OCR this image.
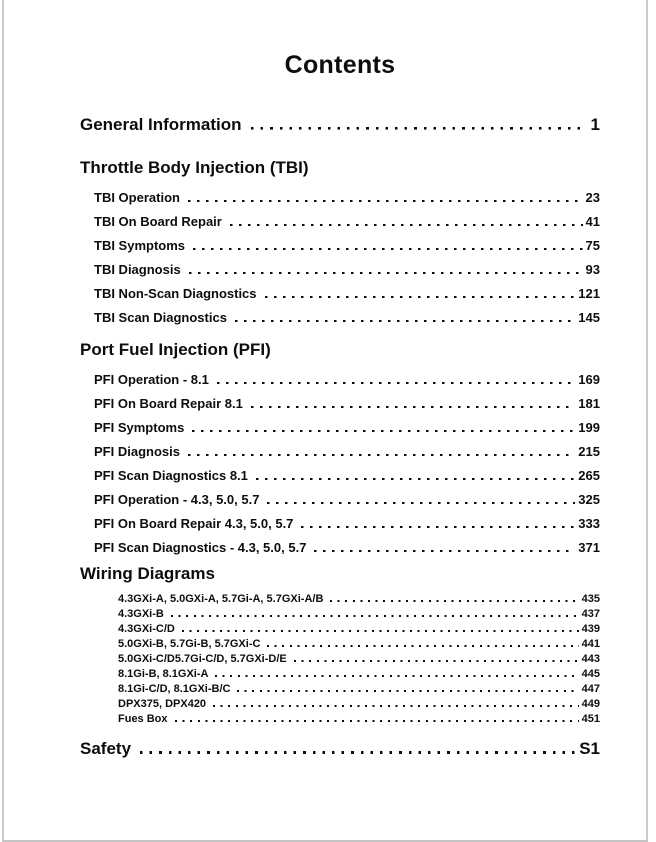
Contents
General Information	1
Throttle Body Injection (TBI)
TBI Operation	23
TBI On Board Repair	41
TBI Symptoms	75
TBI Diagnosis	93
TBI Non-Scan Diagnostics	121
TBI Scan Diagnostics	145
Port Fuel Injection (PFI)
PFI Operation - 8.1	169
PFI On Board Repair 8.1	181
PFI Symptoms	199
PFI Diagnosis	215
PFI Scan Diagnostics 8.1	265
PFI Operation - 4.3, 5.0, 5.7	325
PFI On Board Repair 4.3, 5.0, 5.7	333
PFI Scan Diagnostics - 4.3, 5.0, 5.7	371
Wiring Diagrams
4.3GXi-A, 5.0GXi-A, 5.7Gi-A, 5.7GXi-A/B	435
4.3GXi-B	437
4.3GXi-C/D	439
5.0GXi-B, 5.7Gi-B, 5.7GXi-C	441
5.0GXi-C/D5.7Gi-C/D, 5.7GXi-D/E	443
8.1Gi-B, 8.1GXi-A	445
8.1Gi-C/D, 8.1GXi-B/C	447
DPX375, DPX420	449
Fues Box	451
Safety	S1
